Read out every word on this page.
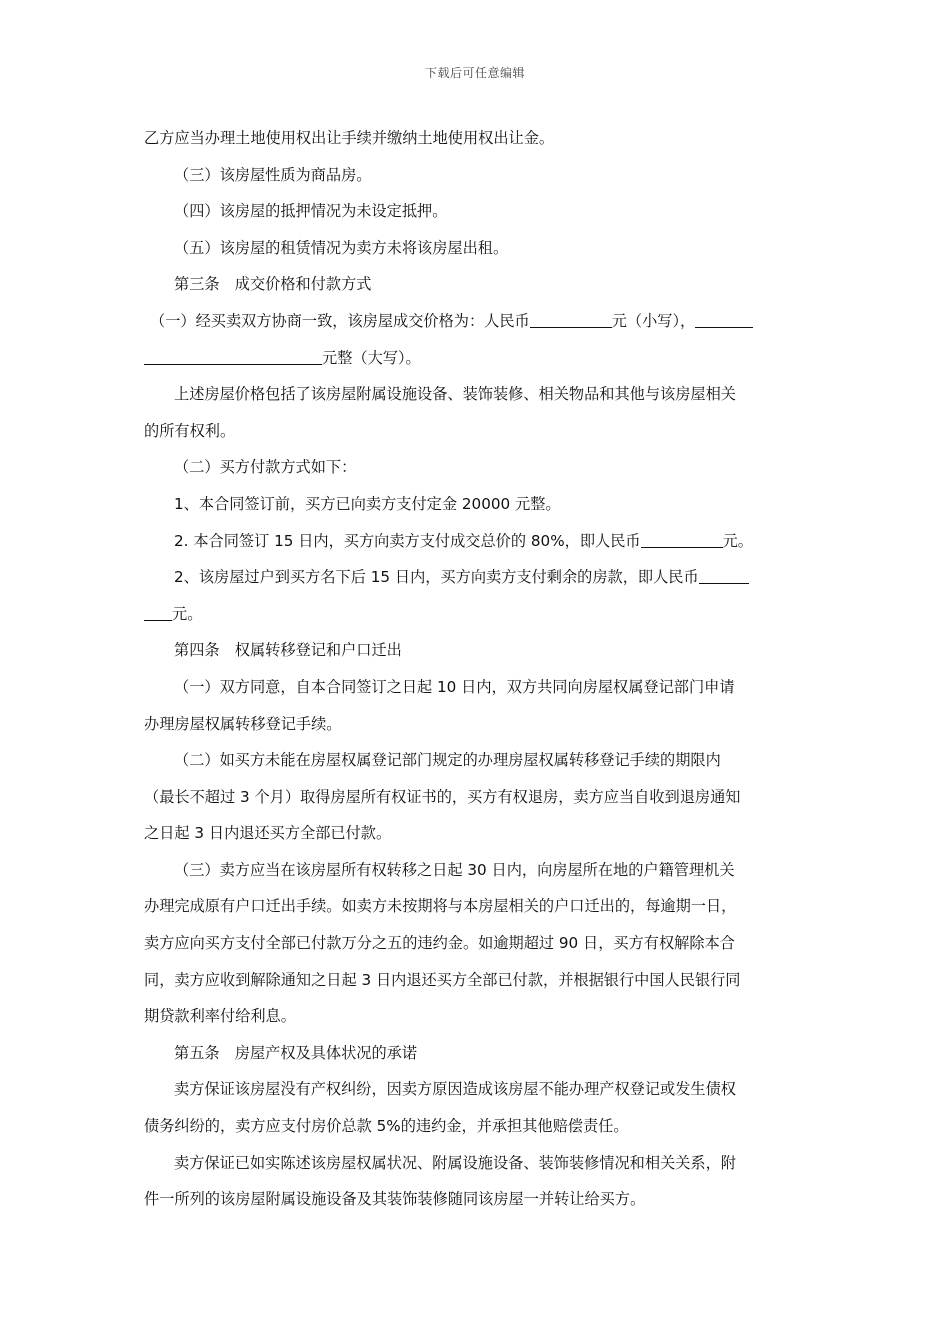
下载后可任意编辑
乙方应当办理土地使用权出让手续并缴纳土地使用权出让金。
（三）该房屋性质为商品房。
（四）该房屋的抵押情况为未设定抵押。
（五）该房屋的租赁情况为卖方未将该房屋出租。
第三条　成交价格和付款方式
（一）经买卖双方协商一致，该房屋成交价格为：人民币	元（小写），
元整（大写）。
上述房屋价格包括了该房屋附属设施设备、装饰装修、相关物品和其他与该房屋相关
的所有权利。
（二）买方付款方式如下：
1、本合同签订前，买方已向卖方支付定金 20000 元整。
2. 本合同签订 15 日内，买方向卖方支付成交总价的 80%，即人民币	元。
2、该房屋过户到买方名下后 15 日内，买方向卖方支付剩余的房款，即人民币
元。
第四条　权属转移登记和户口迁出
（一）双方同意，自本合同签订之日起 10 日内，双方共同向房屋权属登记部门申请
办理房屋权属转移登记手续。
（二）如买方未能在房屋权属登记部门规定的办理房屋权属转移登记手续的期限内
（最长不超过 3 个月）取得房屋所有权证书的，买方有权退房，卖方应当自收到退房通知
之日起 3 日内退还买方全部已付款。
（三）卖方应当在该房屋所有权转移之日起 30 日内，向房屋所在地的户籍管理机关
办理完成原有户口迁出手续。如卖方未按期将与本房屋相关的户口迁出的，每逾期一日，
卖方应向买方支付全部已付款万分之五的违约金。如逾期超过 90 日，买方有权解除本合
同，卖方应收到解除通知之日起 3 日内退还买方全部已付款，并根据银行中国人民银行同
期贷款利率付给利息。
第五条　房屋产权及具体状况的承诺
卖方保证该房屋没有产权纠纷，因卖方原因造成该房屋不能办理产权登记或发生债权
债务纠纷的，卖方应支付房价总款 5%的违约金，并承担其他赔偿责任。
卖方保证已如实陈述该房屋权属状况、附属设施设备、装饰装修情况和相关关系，附
件一所列的该房屋附属设施设备及其装饰装修随同该房屋一并转让给买方。
